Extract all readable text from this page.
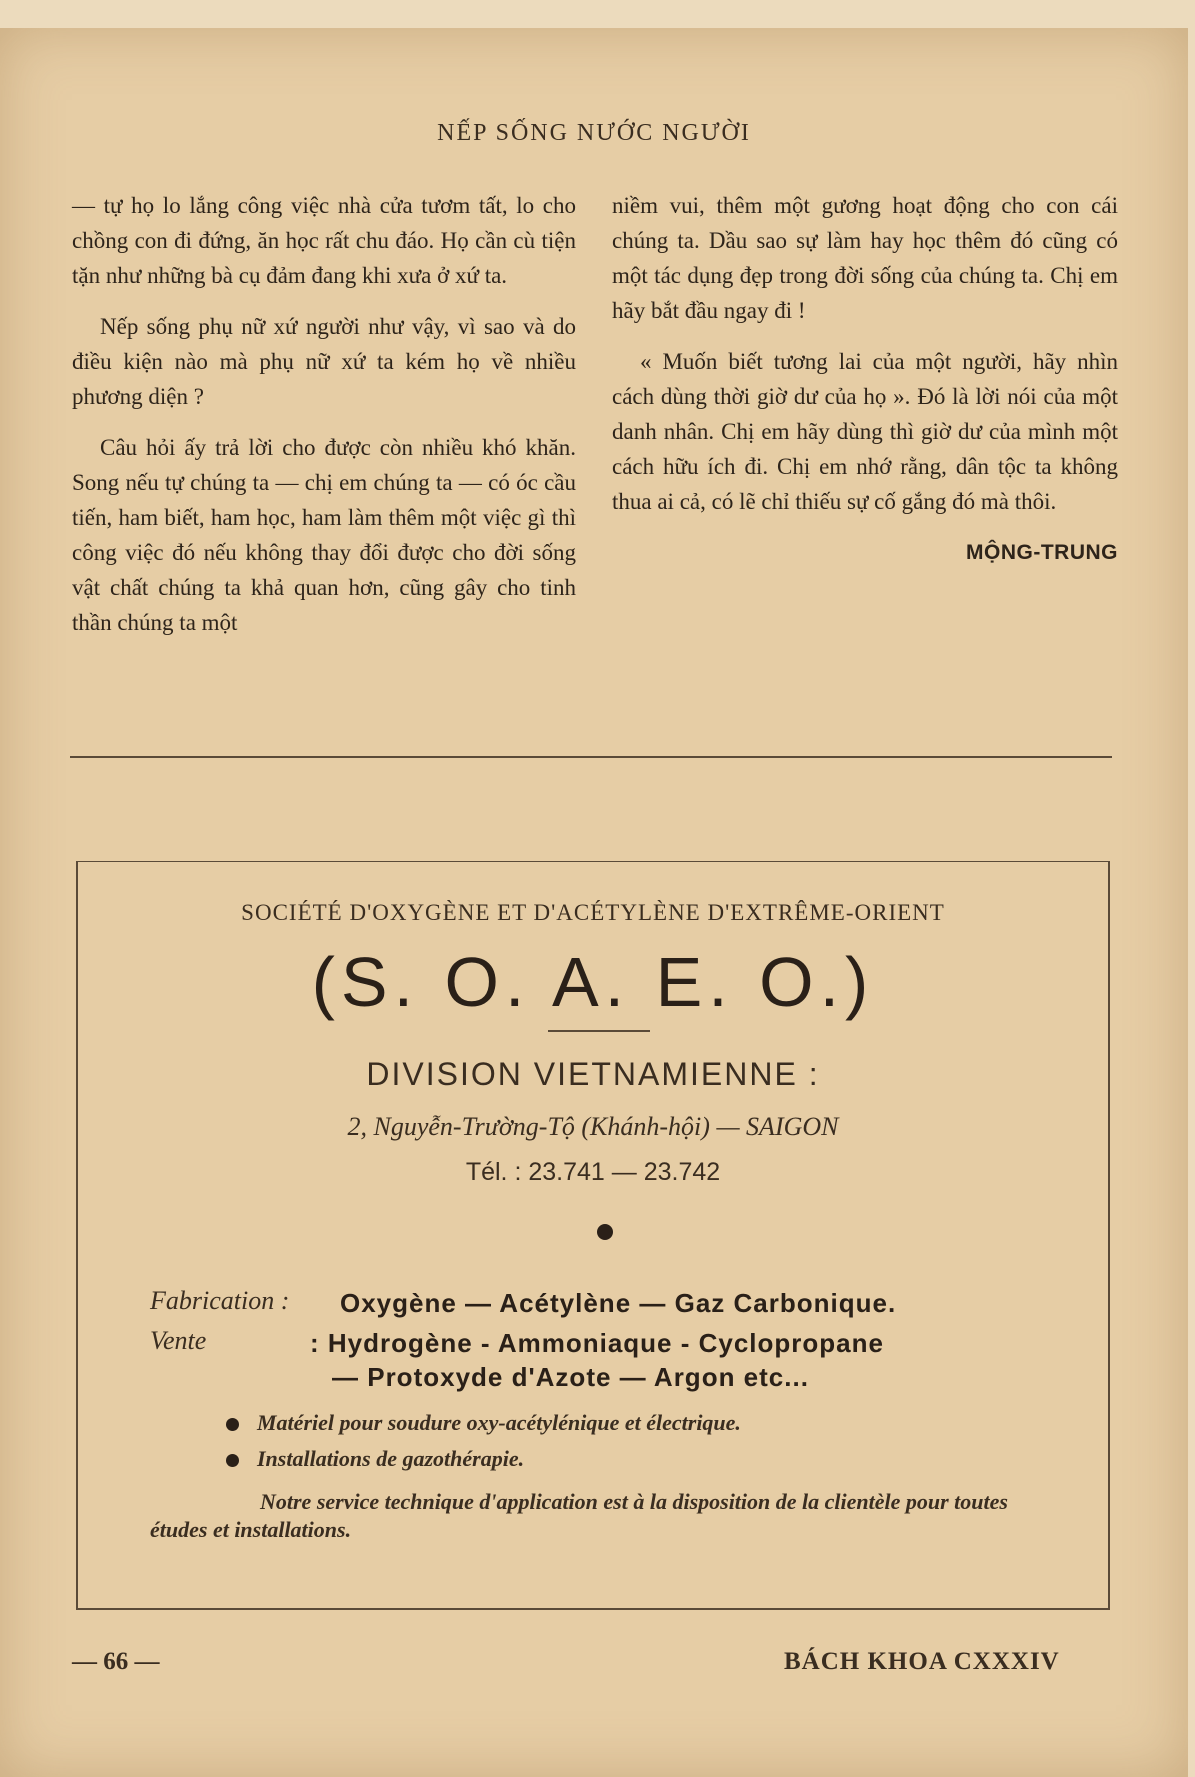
NẾP SỐNG NƯỚC NGƯỜI

— tự họ lo lắng công việc nhà cửa tươm tất, lo cho chồng con đi đứng, ăn học rất chu đáo. Họ cần cù tiện tặn như những bà cụ đảm đang khi xưa ở xứ ta.

Nếp sống phụ nữ xứ người như vậy, vì sao và do điều kiện nào mà phụ nữ xứ ta kém họ về nhiều phương diện ?

Câu hỏi ấy trả lời cho được còn nhiều khó khăn. Song nếu tự chúng ta — chị em chúng ta — có óc cầu tiến, ham biết, ham học, ham làm thêm một việc gì thì công việc đó nếu không thay đổi được cho đời sống vật chất chúng ta khả quan hơn, cũng gây cho tinh thần chúng ta một

niềm vui, thêm một gương hoạt động cho con cái chúng ta. Dầu sao sự làm hay học thêm đó cũng có một tác dụng đẹp trong đời sống của chúng ta. Chị em hãy bắt đầu ngay đi !

« Muốn biết tương lai của một người, hãy nhìn cách dùng thời giờ dư của họ ». Đó là lời nói của một danh nhân. Chị em hãy dùng thì giờ dư của mình một cách hữu ích đi. Chị em nhớ rằng, dân tộc ta không thua ai cả, có lẽ chỉ thiếu sự cố gắng đó mà thôi.

MỘNG-TRUNG
SOCIÉTÉ D'OXYGÈNE ET D'ACÉTYLÈNE D'EXTRÊME-ORIENT
(S. O. A. E. O.)
DIVISION VIETNAMIENNE :
2, Nguyễn-Trường-Tộ (Khánh-hội) — SAIGON
Tél. : 23.741 — 23.742
Fabrication : Oxygène — Acétylène — Gaz Carbonique.
Vente	: Hydrogène - Ammoniaque - Cyclopropane
— Protoxyde d'Azote — Argon etc...
Matériel pour soudure oxy-acétylénique et électrique.
Installations de gazothérapie.
Notre service technique d'application est à la disposition de la clientèle pour toutes études et installations.
— 66 —	BÁCH KHOA CXXXIV
